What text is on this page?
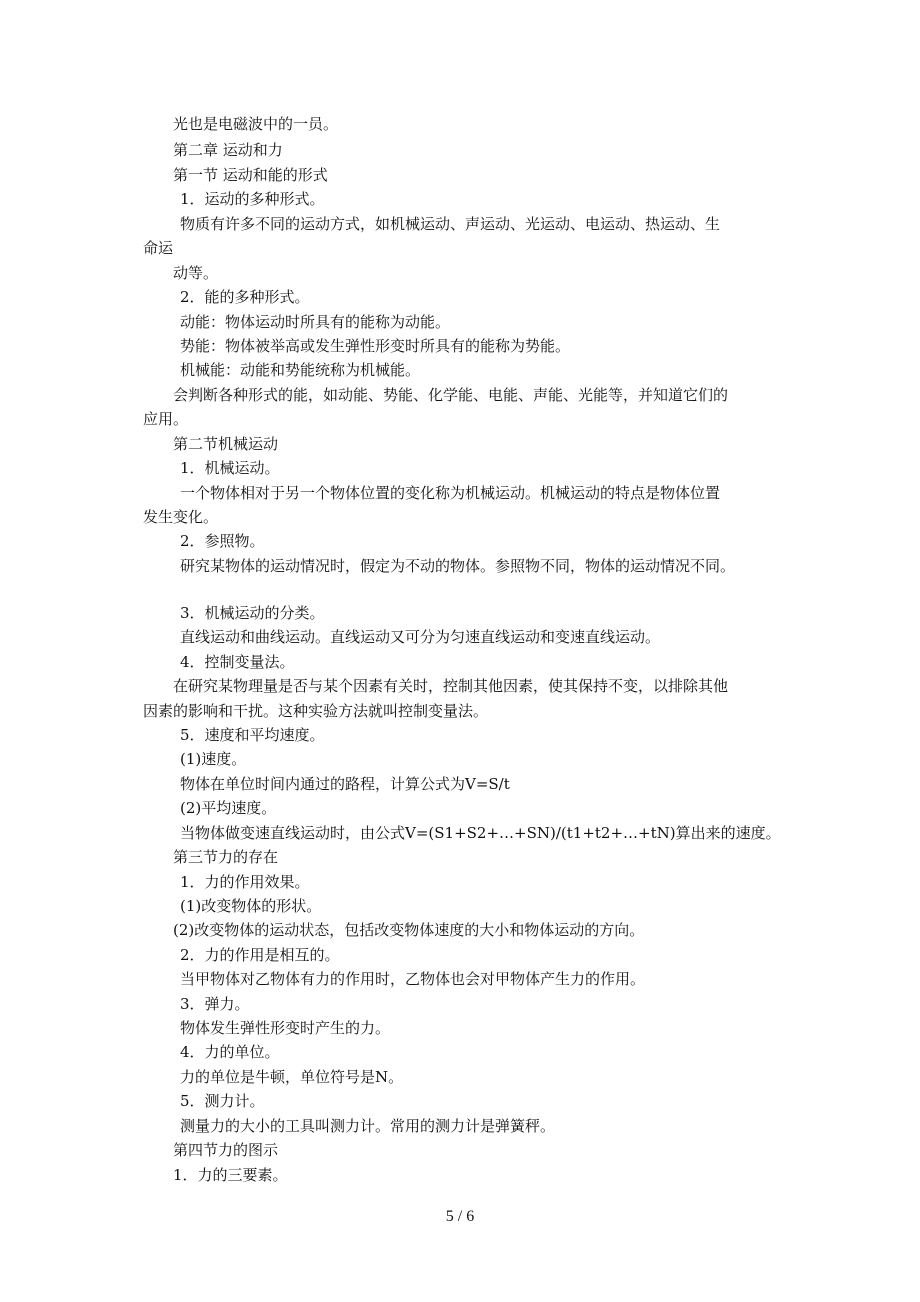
光也是电磁波中的一员。
第二章 运动和力
第一节 运动和能的形式
1．运动的多种形式。
物质有许多不同的运动方式，如机械运动、声运动、光运动、电运动、热运动、生
命运
动等。
2．能的多种形式。
动能：物体运动时所具有的能称为动能。
势能：物体被举高或发生弹性形变时所具有的能称为势能。
机械能：动能和势能统称为机械能。
会判断各种形式的能，如动能、势能、化学能、电能、声能、光能等，并知道它们的
应用。
第二节机械运动
1．机械运动。
一个物体相对于另一个物体位置的变化称为机械运动。机械运动的特点是物体位置
发生变化。
2．参照物。
研究某物体的运动情况时，假定为不动的物体。参照物不同，物体的运动情况不同。
3．机械运动的分类。
直线运动和曲线运动。直线运动又可分为匀速直线运动和变速直线运动。
4．控制变量法。
在研究某物理量是否与某个因素有关时，控制其他因素，使其保持不变，以排除其他
因素的影响和干扰。这种实验方法就叫控制变量法。
5．速度和平均速度。
(1)速度。
物体在单位时间内通过的路程，计算公式为V=S/t
(2)平均速度。
当物体做变速直线运动时，由公式V=(S1+S2+…+SN)/(t1+t2+…+tN)算出来的速度。
第三节力的存在
1．力的作用效果。
(1)改变物体的形状。
(2)改变物体的运动状态，包括改变物体速度的大小和物体运动的方向。
2．力的作用是相互的。
当甲物体对乙物体有力的作用时，乙物体也会对甲物体产生力的作用。
3．弹力。
物体发生弹性形变时产生的力。
4．力的单位。
力的单位是牛顿，单位符号是N。
5．测力计。
测量力的大小的工具叫测力计。常用的测力计是弹簧秤。
第四节力的图示
1．力的三要素。
5 / 6
